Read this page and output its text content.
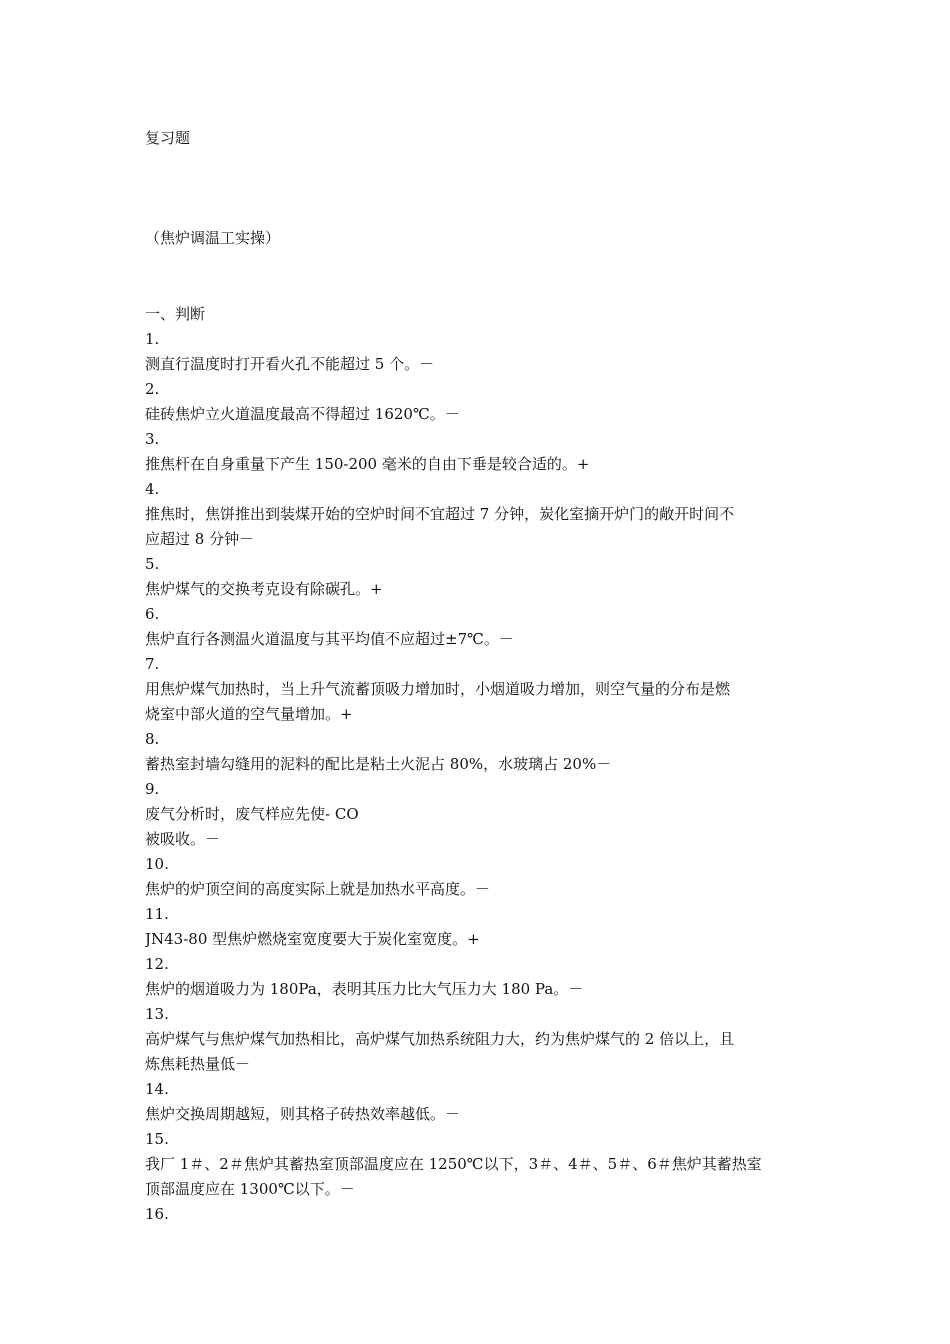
复习题
（焦炉调温工实操）
一、判断
1.
测直行温度时打开看火孔不能超过 5 个。－
2.
硅砖焦炉立火道温度最高不得超过 1620℃。－
3.
推焦杆在自身重量下产生 150-200 毫米的自由下垂是较合适的。+
4.
推焦时，焦饼推出到装煤开始的空炉时间不宜超过 7 分钟，炭化室摘开炉门的敞开时间不
应超过 8 分钟－
5.
焦炉煤气的交换考克设有除碳孔。+
6.
焦炉直行各测温火道温度与其平均值不应超过±7℃。－
7.
用焦炉煤气加热时，当上升气流蓄顶吸力增加时，小烟道吸力增加，则空气量的分布是燃
烧室中部火道的空气量增加。+
8.
蓄热室封墙勾缝用的泥料的配比是粘土火泥占 80%，水玻璃占 20%－
9.
废气分析时，废气样应先使- CO
被吸收。－
10.
焦炉的炉顶空间的高度实际上就是加热水平高度。－
11.
JN43-80 型焦炉燃烧室宽度要大于炭化室宽度。+
12.
焦炉的烟道吸力为 180Pa，表明其压力比大气压力大 180 Pa。－
13.
高炉煤气与焦炉煤气加热相比，高炉煤气加热系统阻力大，约为焦炉煤气的 2 倍以上，且
炼焦耗热量低－
14.
焦炉交换周期越短，则其格子砖热效率越低。－
15.
我厂 1＃、2＃焦炉其蓄热室顶部温度应在 1250℃以下，3＃、4＃、5＃、6＃焦炉其蓄热室
顶部温度应在 1300℃以下。－
16.
